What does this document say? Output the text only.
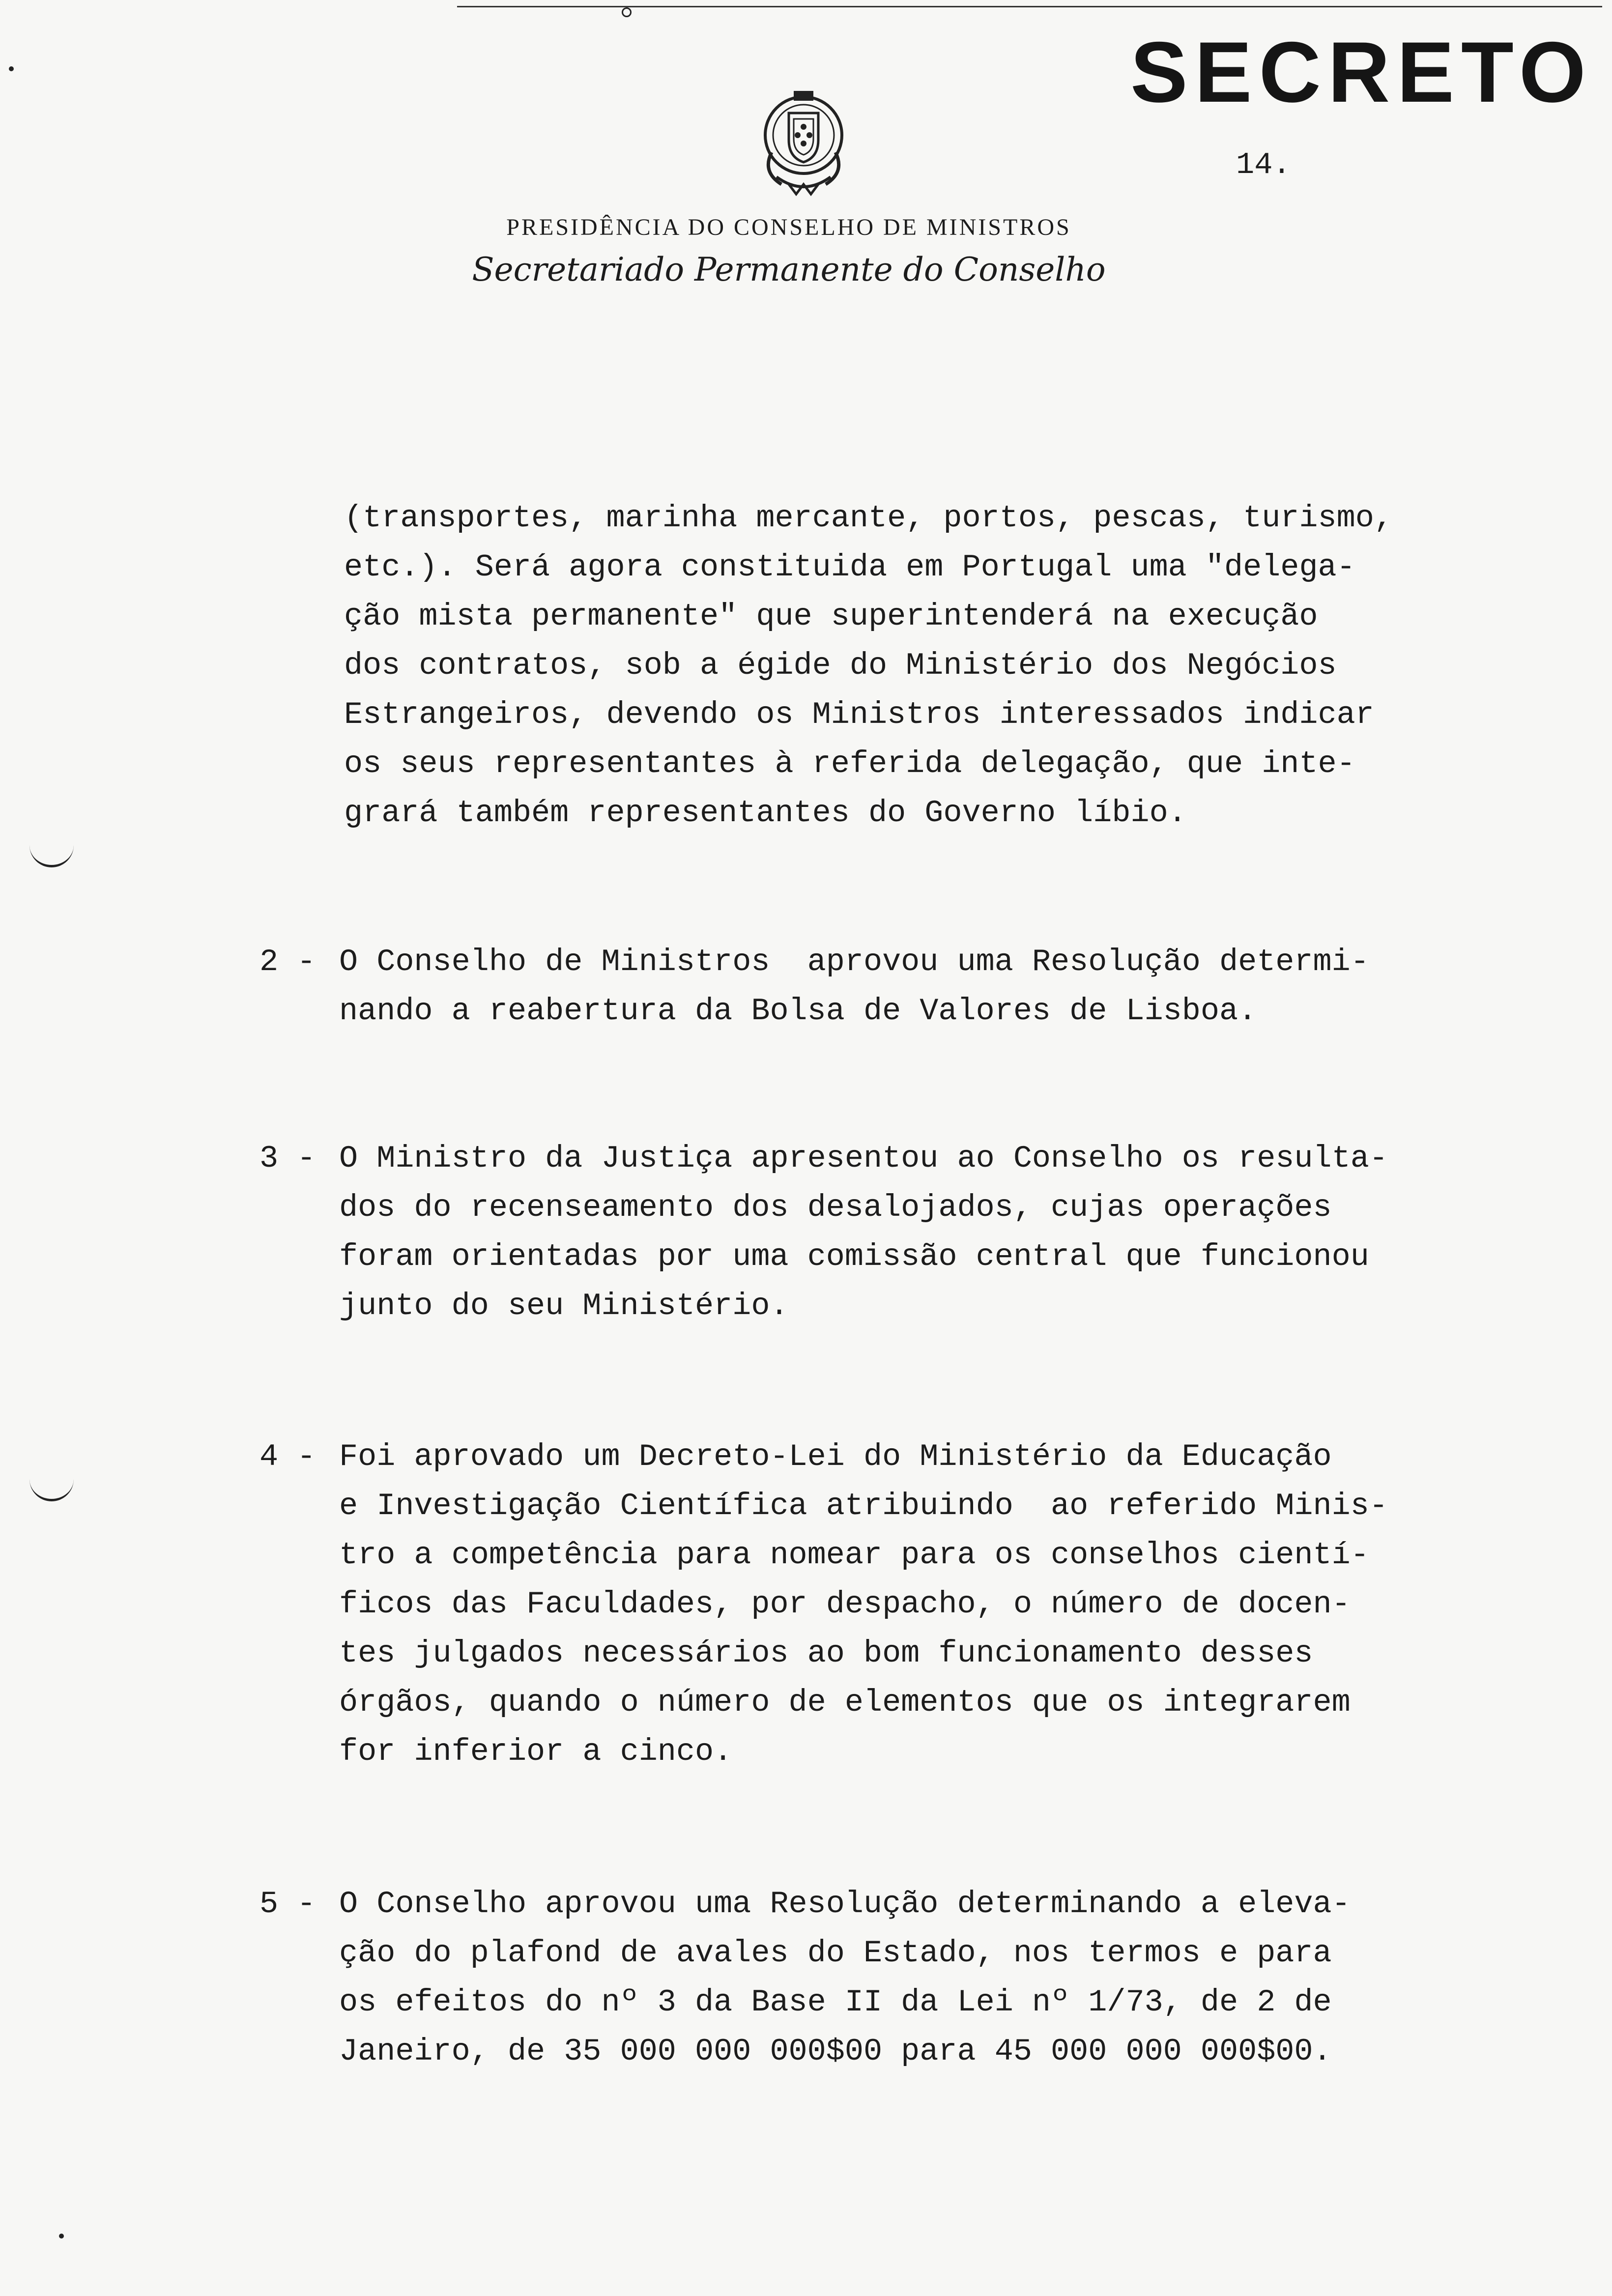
SECRETO
14.
PRESIDÊNCIA DO CONSELHO DE MINISTROS
Secretariado Permanente do Conselho
(transportes, marinha mercante, portos, pescas, turismo,
etc.). Será agora constituida em Portugal uma "delega-
ção mista permanente" que superintenderá na execução
dos contratos, sob a égide do Ministério dos Negócios
Estrangeiros, devendo os Ministros interessados indicar
os seus representantes à referida delegação, que inte-
grará também representantes do Governo líbio.
2 - O Conselho de Ministros  aprovou uma Resolução determi-
nando a reabertura da Bolsa de Valores de Lisboa.
3 - O Ministro da Justiça apresentou ao Conselho os resulta-
dos do recenseamento dos desalojados, cujas operações
foram orientadas por uma comissão central que funcionou
junto do seu Ministério.
4 - Foi aprovado um Decreto-Lei do Ministério da Educação
e Investigação Científica atribuindo  ao referido Minis-
tro a competência para nomear para os conselhos cientí-
ficos das Faculdades, por despacho, o número de docen-
tes julgados necessários ao bom funcionamento desses
órgãos, quando o número de elementos que os integrarem
for inferior a cinco.
5 - O Conselho aprovou uma Resolução determinando a eleva-
ção do plafond de avales do Estado, nos termos e para
os efeitos do nº 3 da Base II da Lei nº 1/73, de 2 de
Janeiro, de 35 000 000 000$00 para 45 000 000 000$00.
